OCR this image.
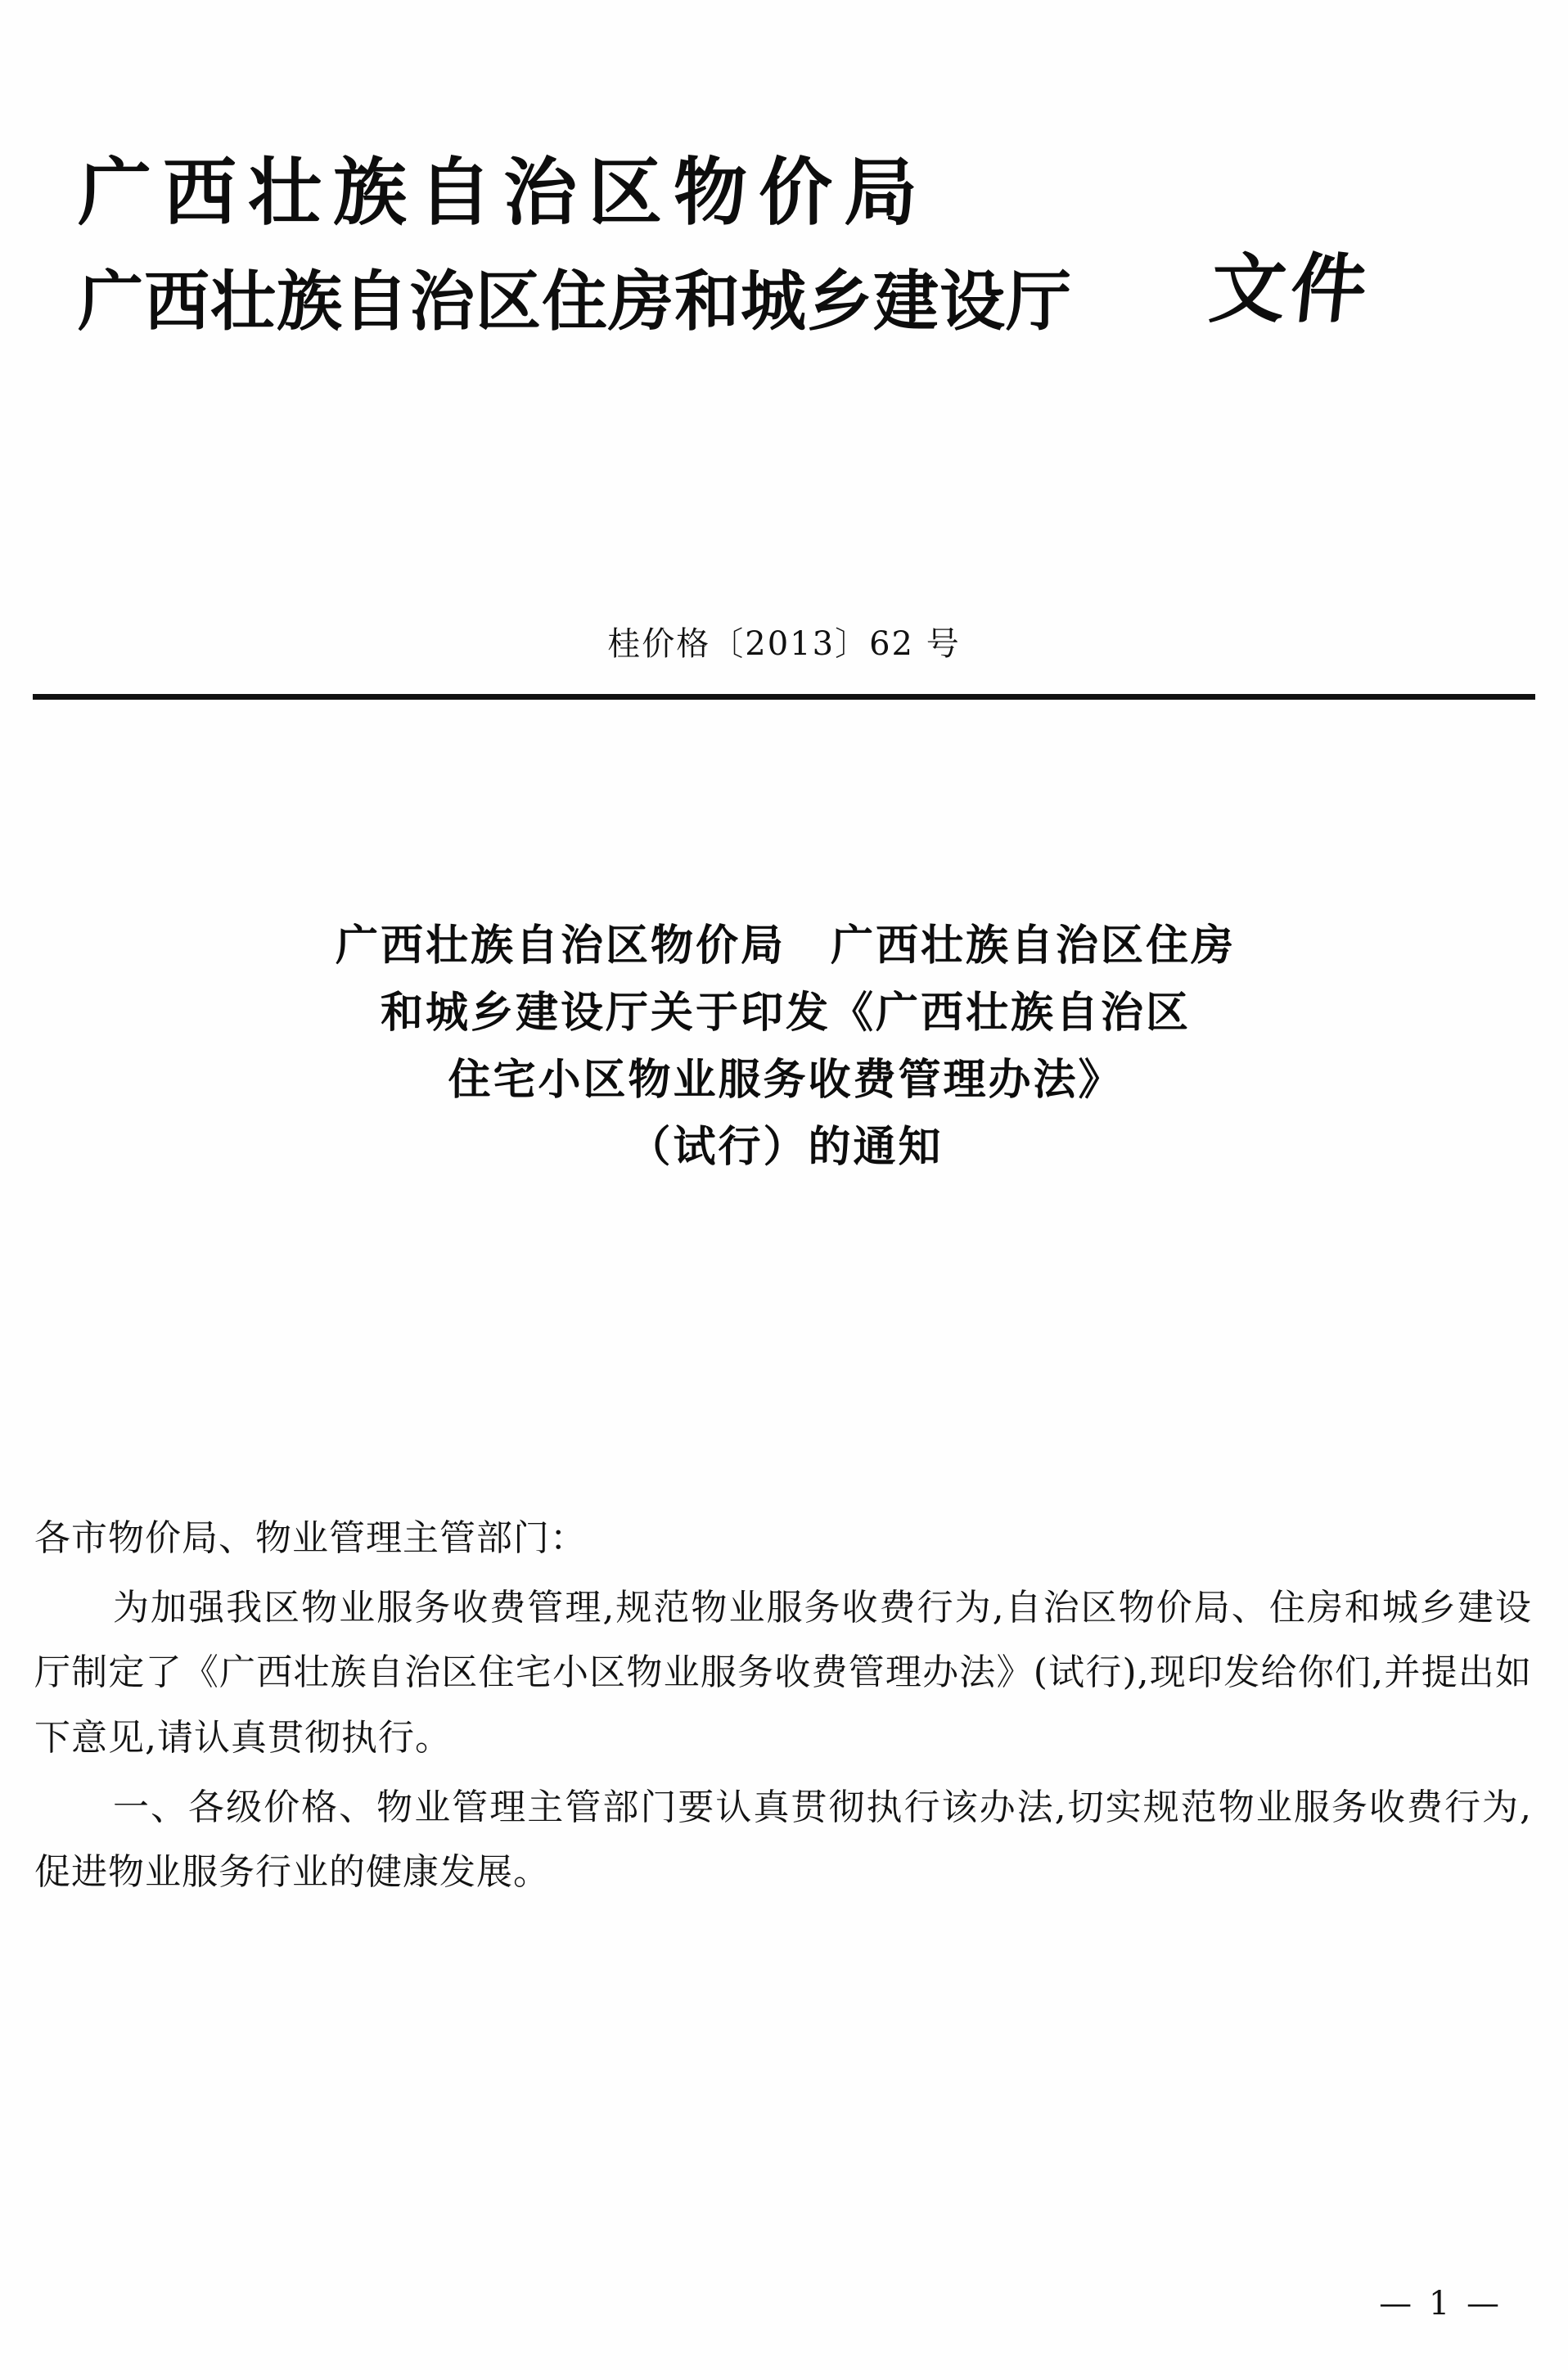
广西壮族自治区物价局
广西壮族自治区住房和城乡建设厅	文件
桂价格〔2013〕62 号
广西壮族自治区物价局　广西壮族自治区住房
和城乡建设厅关于印发《广西壮族自治区
住宅小区物业服务收费管理办法》
（试行）的通知

各市物价局、物业管理主管部门：

为加强我区物业服务收费管理,规范物业服务收费行为,自治区物价局、住房和城乡建设厅制定了《广西壮族自治区住宅小区物业服务收费管理办法》(试行),现印发给你们,并提出如下意见,请认真贯彻执行。

一、各级价格、物业管理主管部门要认真贯彻执行该办法,切实规范物业服务收费行为,促进物业服务行业的健康发展。

— 1 —
